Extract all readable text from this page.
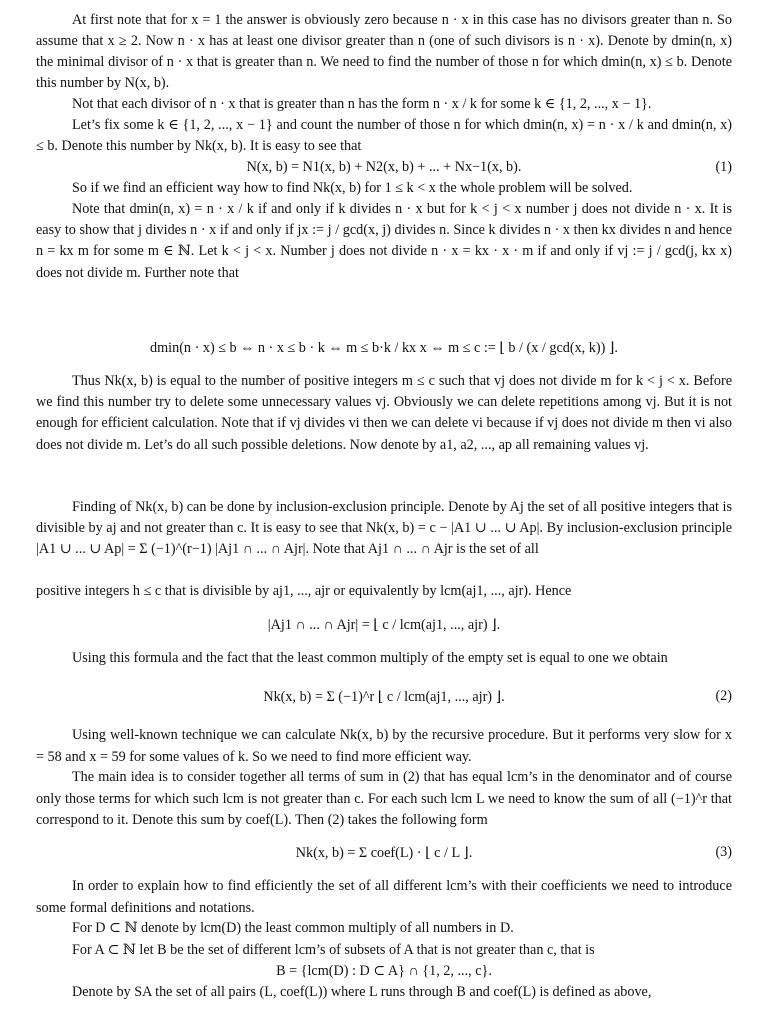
At first note that for x = 1 the answer is obviously zero because n · x in this case has no divisors greater than n. So assume that x ≥ 2. Now n · x has at least one divisor greater than n (one of such divisors is n · x). Denote by dmin(n, x) the minimal divisor of n · x that is greater than n. We need to find the number of those n for which dmin(n, x) ≤ b. Denote this number by N(x, b).

Not that each divisor of n · x that is greater than n has the form n · x / k for some k ∈ {1, 2, ..., x − 1}.

Let’s fix some k ∈ {1, 2, ..., x − 1} and count the number of those n for which dmin(n, x) = n · x / k and dmin(n, x) ≤ b. Denote this number by Nk(x, b). It is easy to see that

N(x, b) = N1(x, b) + N2(x, b) + ... + Nx−1(x, b).	(1)

So if we find an efficient way how to find Nk(x, b) for 1 ≤ k < x the whole problem will be solved.

Note that dmin(n, x) = n · x / k if and only if k divides n · x but for k < j < x number j does not divide n · x. It is easy to show that j divides n · x if and only if jx := j / gcd(x, j) divides n. Since k divides n · x then kx divides n and hence n = kx m for some m ∈ ℕ. Let k < j < x. Number j does not divide n · x = kx · x · m if and only if vj := j / gcd(j, kx x) does not divide m. Further note that

dmin(n · x) ≤ b ⇔ n · x ≤ b · k ⇔ m ≤ b·k / kx x ⇔ m ≤ c := ⌊ b / (x / gcd(x, k)) ⌋.

Thus Nk(x, b) is equal to the number of positive integers m ≤ c such that vj does not divide m for k < j < x. Before we find this number try to delete some unnecessary values vj. Obviously we can delete repetitions among vj. But it is not enough for efficient calculation. Note that if vj divides vi then we can delete vi because if vj does not divide m then vi also does not divide m. Let’s do all such possible deletions. Now denote by a1, a2, ..., ap all remaining values vj.

Finding of Nk(x, b) can be done by inclusion-exclusion principle. Denote by Aj the set of all positive integers that is divisible by aj and not greater than c. It is easy to see that Nk(x, b) = c − |A1 ∪ ... ∪ Ap|. By inclusion-exclusion principle |A1 ∪ ... ∪ Ap| = Σ (−1)^(r−1) |Aj1 ∩ ... ∩ Ajr|. Note that Aj1 ∩ ... ∩ Ajr is the set of all

positive integers h ≤ c that is divisible by aj1, ..., ajr or equivalently by lcm(aj1, ..., ajr). Hence

|Aj1 ∩ ... ∩ Ajr| = ⌊ c / lcm(aj1, ..., ajr) ⌋.

Using this formula and the fact that the least common multiply of the empty set is equal to one we obtain

Nk(x, b) = Σ (−1)^r ⌊ c / lcm(aj1, ..., ajr) ⌋.	(2)

Using well-known technique we can calculate Nk(x, b) by the recursive procedure. But it performs very slow for x = 58 and x = 59 for some values of k. So we need to find more efficient way.

The main idea is to consider together all terms of sum in (2) that has equal lcm’s in the denominator and of course only those terms for which such lcm is not greater than c. For each such lcm L we need to know the sum of all (−1)^r that correspond to it. Denote this sum by coef(L). Then (2) takes the following form

Nk(x, b) = Σ coef(L) · ⌊ c / L ⌋.	(3)

In order to explain how to find efficiently the set of all different lcm’s with their coefficients we need to introduce some formal definitions and notations.

For D ⊂ ℕ denote by lcm(D) the least common multiply of all numbers in D.

For A ⊂ ℕ let B be the set of different lcm’s of subsets of A that is not greater than c, that is

B = {lcm(D) : D ⊂ A} ∩ {1, 2, ..., c}.

Denote by SA the set of all pairs (L, coef(L)) where L runs through B and coef(L) is defined as above,
